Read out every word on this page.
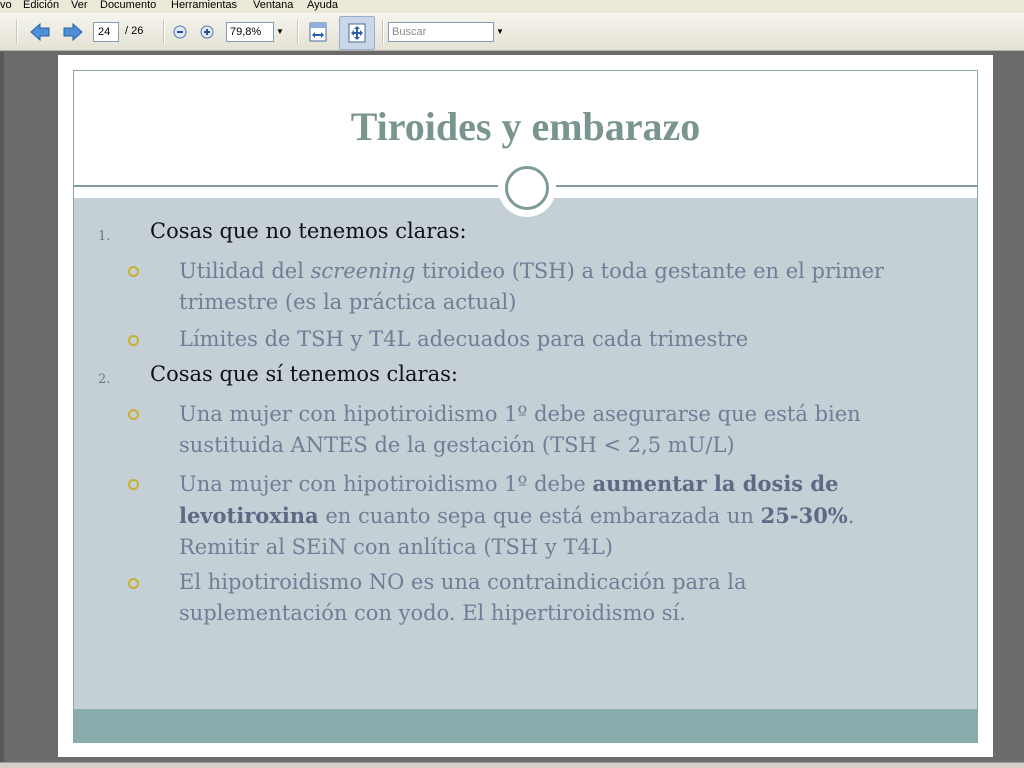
vo Edición Ver Documento Herramientas Ventana Ayuda
24	/ 26	79,8%	▼	Buscar	▼
Tiroides y embarazo
1. Cosas que no tenemos claras:
Utilidad del screening tiroideo (TSH) a toda gestante en el primer
trimestre (es la práctica actual)
Límites de TSH y T4L adecuados para cada trimestre
2. Cosas que sí tenemos claras:
Una mujer con hipotiroidismo 1º debe asegurarse que está bien
sustituida ANTES de la gestación (TSH < 2,5 mU/L)
Una mujer con hipotiroidismo 1º debe aumentar la dosis de
levotiroxina en cuanto sepa que está embarazada un 25-30%.
Remitir al SEiN con anlítica (TSH y T4L)
El hipotiroidismo NO es una contraindicación para la
suplementación con yodo. El hipertiroidismo sí.
